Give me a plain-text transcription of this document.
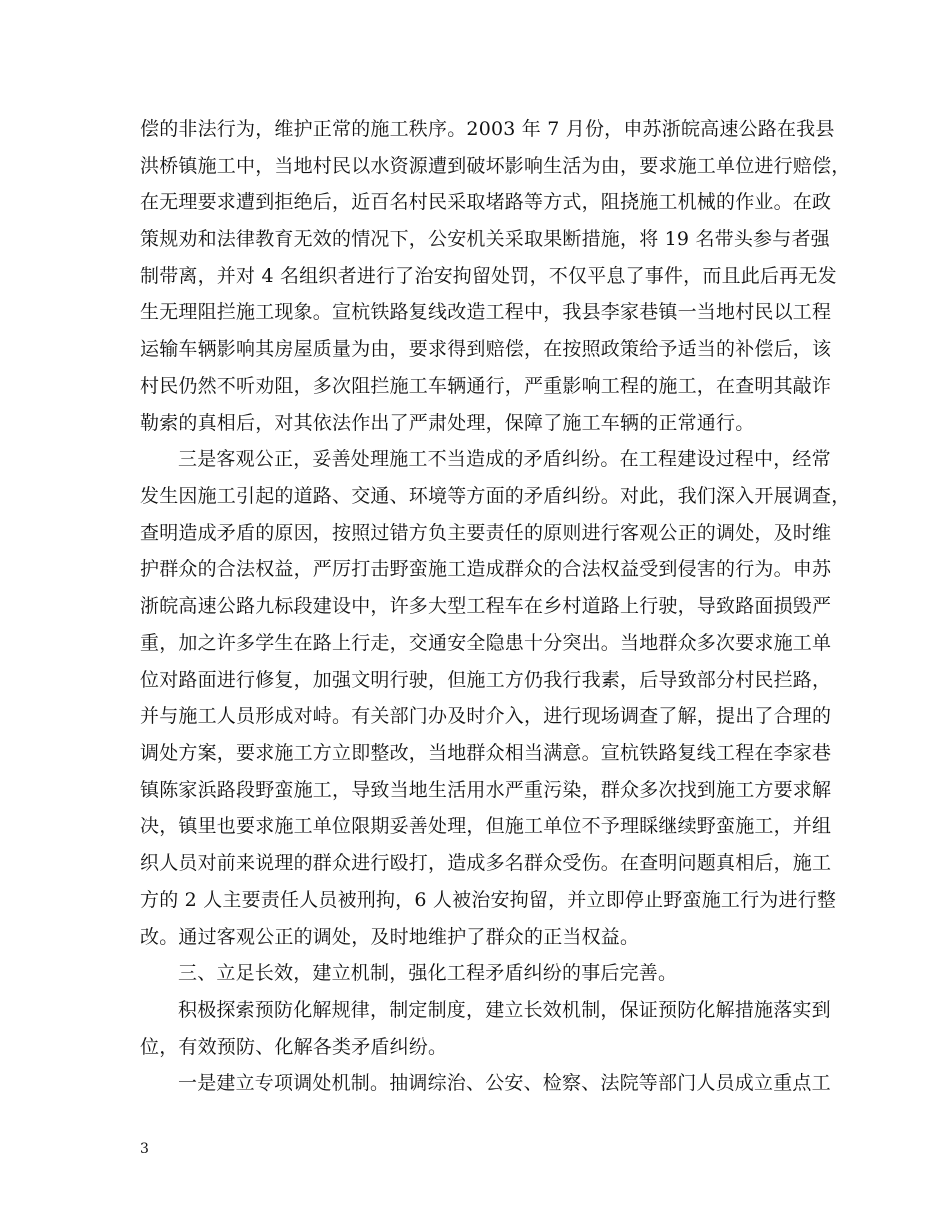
偿的非法行为，维护正常的施工秩序。2003 年 7 月份，申苏浙皖高速公路在我县
洪桥镇施工中，当地村民以水资源遭到破坏影响生活为由，要求施工单位进行赔偿，
在无理要求遭到拒绝后，近百名村民采取堵路等方式，阻挠施工机械的作业。在政
策规劝和法律教育无效的情况下，公安机关采取果断措施，将 19 名带头参与者强
制带离，并对 4 名组织者进行了治安拘留处罚，不仅平息了事件，而且此后再无发
生无理阻拦施工现象。宣杭铁路复线改造工程中，我县李家巷镇一当地村民以工程
运输车辆影响其房屋质量为由，要求得到赔偿，在按照政策给予适当的补偿后，该
村民仍然不听劝阻，多次阻拦施工车辆通行，严重影响工程的施工，在查明其敲诈
勒索的真相后，对其依法作出了严肃处理，保障了施工车辆的正常通行。
三是客观公正，妥善处理施工不当造成的矛盾纠纷。在工程建设过程中，经常
发生因施工引起的道路、交通、环境等方面的矛盾纠纷。对此，我们深入开展调查，
查明造成矛盾的原因，按照过错方负主要责任的原则进行客观公正的调处，及时维
护群众的合法权益，严厉打击野蛮施工造成群众的合法权益受到侵害的行为。申苏
浙皖高速公路九标段建设中，许多大型工程车在乡村道路上行驶，导致路面损毁严
重，加之许多学生在路上行走，交通安全隐患十分突出。当地群众多次要求施工单
位对路面进行修复，加强文明行驶，但施工方仍我行我素，后导致部分村民拦路，
并与施工人员形成对峙。有关部门办及时介入，进行现场调查了解，提出了合理的
调处方案，要求施工方立即整改，当地群众相当满意。宣杭铁路复线工程在李家巷
镇陈家浜路段野蛮施工，导致当地生活用水严重污染，群众多次找到施工方要求解
决，镇里也要求施工单位限期妥善处理，但施工单位不予理睬继续野蛮施工，并组
织人员对前来说理的群众进行殴打，造成多名群众受伤。在查明问题真相后，施工
方的 2 人主要责任人员被刑拘，6 人被治安拘留，并立即停止野蛮施工行为进行整
改。通过客观公正的调处，及时地维护了群众的正当权益。
三、立足长效，建立机制，强化工程矛盾纠纷的事后完善。
积极探索预防化解规律，制定制度，建立长效机制，保证预防化解措施落实到
位，有效预防、化解各类矛盾纠纷。
一是建立专项调处机制。抽调综治、公安、检察、法院等部门人员成立重点工
3
